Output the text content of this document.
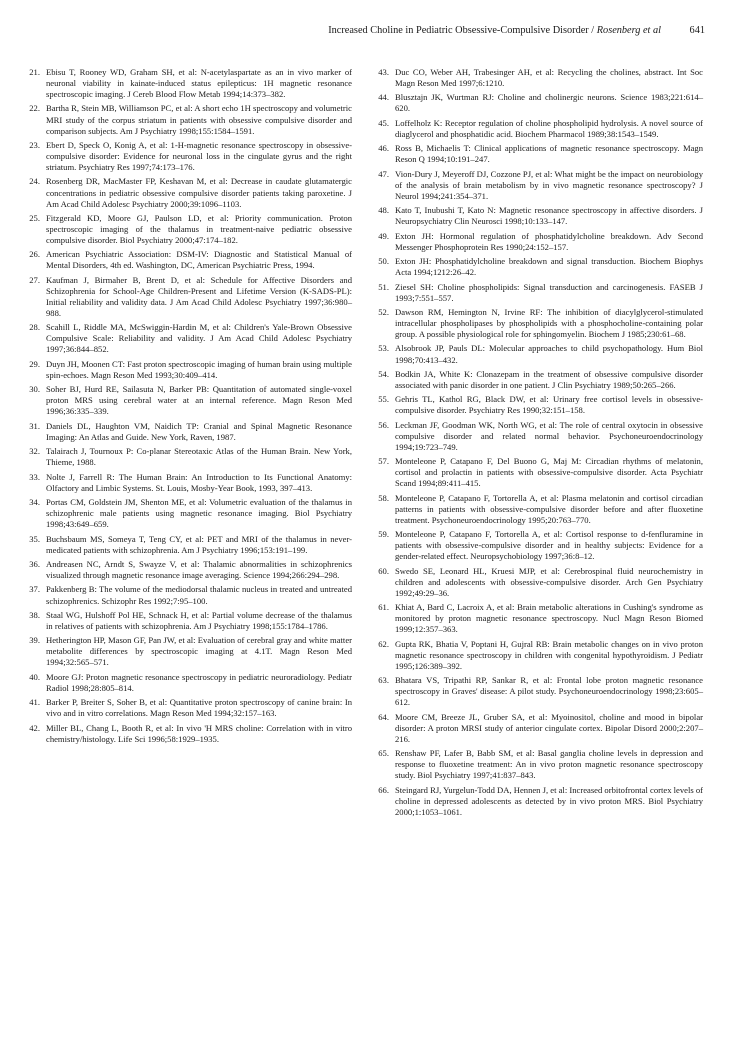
Increased Choline in Pediatric Obsessive-Compulsive Disorder / Rosenberg et al	641
21. Ebisu T, Rooney WD, Graham SH, et al: N-acetylaspartate as an in vivo marker of neuronal viability in kainate-induced status epilepticus: 1H magnetic resonance spectroscopic imaging. J Cereb Blood Flow Metab 1994;14:373–382.
22. Bartha R, Stein MB, Williamson PC, et al: A short echo 1H spectroscopy and volumetric MRI study of the corpus striatum in patients with obsessive compulsive disorder and comparison subjects. Am J Psychiatry 1998;155:1584–1591.
23. Ebert D, Speck O, Konig A, et al: 1-H-magnetic resonance spectroscopy in obsessive-compulsive disorder: Evidence for neuronal loss in the cingulate gyrus and the right striatum. Psychiatry Res 1997;74:173–176.
24. Rosenberg DR, MacMaster FP, Keshavan M, et al: Decrease in caudate glutamatergic concentrations in pediatric obsessive compulsive disorder patients taking paroxetine. J Am Acad Child Adolesc Psychiatry 2000;39:1096–1103.
25. Fitzgerald KD, Moore GJ, Paulson LD, et al: Priority communication. Proton spectroscopic imaging of the thalamus in treatment-naive pediatric obsessive compulsive disorder. Biol Psychiatry 2000;47:174–182.
26. American Psychiatric Association: DSM-IV: Diagnostic and Statistical Manual of Mental Disorders, 4th ed. Washington, DC, American Psychiatric Press, 1994.
27. Kaufman J, Birmaher B, Brent D, et al: Schedule for Affective Disorders and Schizophrenia for School-Age Children-Present and Lifetime Version (K-SADS-PL): Initial reliability and validity data. J Am Acad Child Adolesc Psychiatry 1997;36:980–988.
28. Scahill L, Riddle MA, McSwiggin-Hardin M, et al: Children's Yale-Brown Obsessive Compulsive Scale: Reliability and validity. J Am Acad Child Adolesc Psychiatry 1997;36:844–852.
29. Duyn JH, Moonen CT: Fast proton spectroscopic imaging of human brain using multiple spin-echoes. Magn Reson Med 1993;30:409–414.
30. Soher BJ, Hurd RE, Sailasuta N, Barker PB: Quantitation of automated single-voxel proton MRS using cerebral water at an internal reference. Magn Reson Med 1996;36:335–339.
31. Daniels DL, Haughton VM, Naidich TP: Cranial and Spinal Magnetic Resonance Imaging: An Atlas and Guide. New York, Raven, 1987.
32. Talairach J, Tournoux P: Co-planar Stereotaxic Atlas of the Human Brain. New York, Thieme, 1988.
33. Nolte J, Farrell R: The Human Brain: An Introduction to Its Functional Anatomy: Olfactory and Limbic Systems. St. Louis, Mosby-Year Book, 1993, 397–413.
34. Portas CM, Goldstein JM, Shenton ME, et al: Volumetric evaluation of the thalamus in schizophrenic male patients using magnetic resonance imaging. Biol Psychiatry 1998;43:649–659.
35. Buchsbaum MS, Someya T, Teng CY, et al: PET and MRI of the thalamus in never-medicated patients with schizophrenia. Am J Psychiatry 1996;153:191–199.
36. Andreasen NC, Arndt S, Swayze V, et al: Thalamic abnormalities in schizophrenics visualized through magnetic resonance image averaging. Science 1994;266:294–298.
37. Pakkenberg B: The volume of the mediodorsal thalamic nucleus in treated and untreated schizophrenics. Schizophr Res 1992;7:95–100.
38. Staal WG, Hulshoff Pol HE, Schnack H, et al: Partial volume decrease of the thalamus in relatives of patients with schizophrenia. Am J Psychiatry 1998;155:1784–1786.
39. Hetherington HP, Mason GF, Pan JW, et al: Evaluation of cerebral gray and white matter metabolite differences by spectroscopic imaging at 4.1T. Magn Reson Med 1994;32:565–571.
40. Moore GJ: Proton magnetic resonance spectroscopy in pediatric neuroradiology. Pediatr Radiol 1998;28:805–814.
41. Barker P, Breiter S, Soher B, et al: Quantitative proton spectroscopy of canine brain: In vivo and in vitro correlations. Magn Reson Med 1994;32:157–163.
42. Miller BL, Chang L, Booth R, et al: In vivo 'H MRS choline: Correlation with in vitro chemistry/histology. Life Sci 1996;58:1929–1935.
43. Duc CO, Weber AH, Trabesinger AH, et al: Recycling the cholines, abstract. Int Soc Magn Reson Med 1997;6:1210.
44. Blusztajn JK, Wurtman RJ: Choline and cholinergic neurons. Science 1983;221:614–620.
45. Loffelholz K: Receptor regulation of choline phospholipid hydrolysis. A novel source of diaglycerol and phosphatidic acid. Biochem Pharmacol 1989;38:1543–1549.
46. Ross B, Michaelis T: Clinical applications of magnetic resonance spectroscopy. Magn Reson Q 1994;10:191–247.
47. Vion-Dury J, Meyeroff DJ, Cozzone PJ, et al: What might be the impact on neurobiology of the analysis of brain metabolism by in vivo magnetic resonance spectroscopy? J Neurol 1994;241:354–371.
48. Kato T, Inubushi T, Kato N: Magnetic resonance spectroscopy in affective disorders. J Neuropsychiatry Clin Neurosci 1998;10:133–147.
49. Exton JH: Hormonal regulation of phosphatidylcholine breakdown. Adv Second Messenger Phosphoprotein Res 1990;24:152–157.
50. Exton JH: Phosphatidylcholine breakdown and signal transduction. Biochem Biophys Acta 1994;1212:26–42.
51. Ziesel SH: Choline phospholipids: Signal transduction and carcinogenesis. FASEB J 1993;7:551–557.
52. Dawson RM, Hemington N, Irvine RF: The inhibition of diacylglycerol-stimulated intracellular phospholipases by phospholipids with a phosphocholine-containing polar group. A possible physiological role for sphingomyelin. Biochem J 1985;230:61–68.
53. Alsobrook JP, Pauls DL: Molecular approaches to child psychopathology. Hum Biol 1998;70:413–432.
54. Bodkin JA, White K: Clonazepam in the treatment of obsessive compulsive disorder associated with panic disorder in one patient. J Clin Psychiatry 1989;50:265–266.
55. Gehris TL, Kathol RG, Black DW, et al: Urinary free cortisol levels in obsessive-compulsive disorder. Psychiatry Res 1990;32:151–158.
56. Leckman JF, Goodman WK, North WG, et al: The role of central oxytocin in obsessive compulsive disorder and related normal behavior. Psychoneuroendocrinology 1994;19:723–749.
57. Monteleone P, Catapano F, Del Buono G, Maj M: Circadian rhythms of melatonin, cortisol and prolactin in patients with obsessive-compulsive disorder. Acta Psychiatr Scand 1994;89:411–415.
58. Monteleone P, Catapano F, Tortorella A, et al: Plasma melatonin and cortisol circadian patterns in patients with obsessive-compulsive disorder before and after fluoxetine treatment. Psychoneuroendocrinology 1995;20:763–770.
59. Monteleone P, Catapano F, Tortorella A, et al: Cortisol response to d-fenfluramine in patients with obsessive-compulsive disorder and in healthy subjects: Evidence for a gender-related effect. Neuropsychobiology 1997;36:8–12.
60. Swedo SE, Leonard HL, Kruesi MJP, et al: Cerebrospinal fluid neurochemistry in children and adolescents with obsessive-compulsive disorder. Arch Gen Psychiatry 1992;49:29–36.
61. Khiat A, Bard C, Lacroix A, et al: Brain metabolic alterations in Cushing's syndrome as monitored by proton magnetic resonance spectroscopy. Nucl Magn Reson Biomed 1999;12:357–363.
62. Gupta RK, Bhatia V, Poptani H, Gujral RB: Brain metabolic changes on in vivo proton magnetic resonance spectroscopy in children with congenital hypothyroidism. J Pediatr 1995;126:389–392.
63. Bhatara VS, Tripathi RP, Sankar R, et al: Frontal lobe proton magnetic resonance spectroscopy in Graves' disease: A pilot study. Psychoneuroendocrinology 1998;23:605–612.
64. Moore CM, Breeze JL, Gruber SA, et al: Myoinositol, choline and mood in bipolar disorder: A proton MRSI study of anterior cingulate cortex. Bipolar Disord 2000;2:207–216.
65. Renshaw PF, Lafer B, Babb SM, et al: Basal ganglia choline levels in depression and response to fluoxetine treatment: An in vivo proton magnetic resonance spectroscopy study. Biol Psychiatry 1997;41:837–843.
66. Steingard RJ, Yurgelun-Todd DA, Hennen J, et al: Increased orbitofrontal cortex levels of choline in depressed adolescents as detected by in vivo proton MRS. Biol Psychiatry 2000;1:1053–1061.
